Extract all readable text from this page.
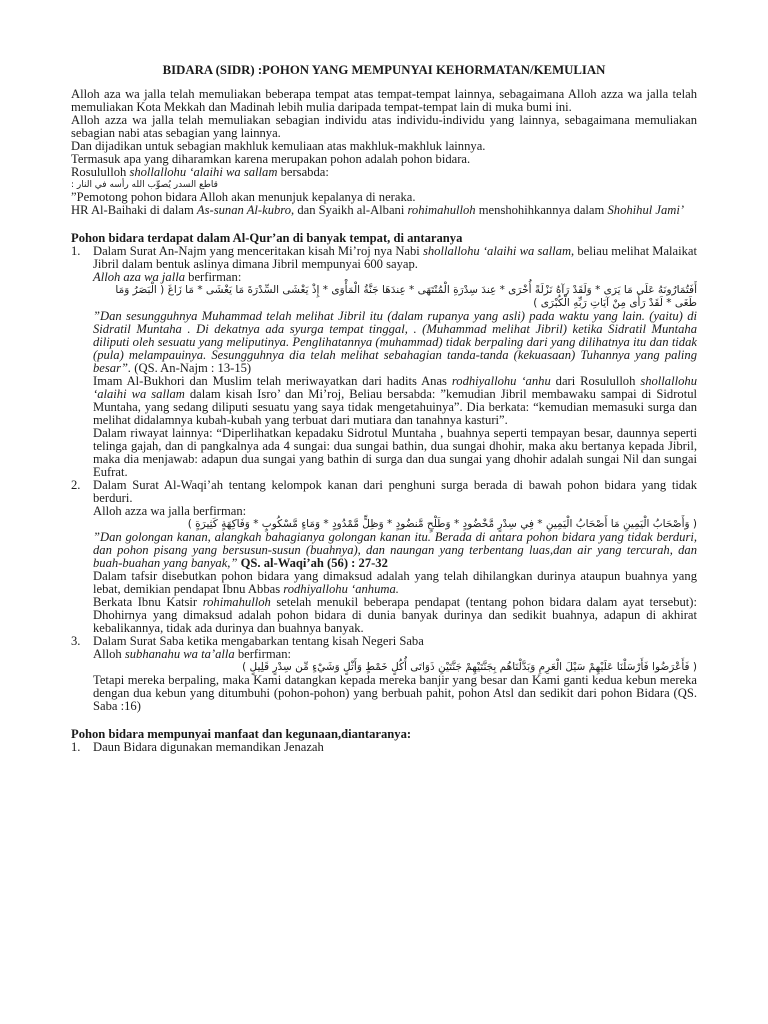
BIDARA (SIDR) :POHON YANG MEMPUNYAI KEHORMATAN/KEMULIAN

Alloh aza wa jalla telah memuliakan beberapa tempat atas tempat-tempat lainnya, sebagaimana Alloh azza wa jalla telah memuliakan Kota Mekkah dan Madinah lebih mulia daripada tempat-tempat lain di muka bumi ini.

Alloh azza wa jalla telah memuliakan sebagian individu atas individu-individu yang lainnya, sebagaimana memuliakan sebagian nabi atas sebagian yang lainnya.

Dan dijadikan untuk sebagian makhluk kemuliaan atas makhluk-makhluk lainnya.

Termasuk apa yang diharamkan karena merupakan pohon adalah pohon bidara.

Rosululloh shollallohu ‘alaihi wa sallam bersabda:

قاطع السدر يُصوِّب الله رأسه في النار :

”Pemotong pohon bidara Alloh akan menunjuk kepalanya di neraka.

HR Al-Baihaki di dalam As-sunan Al-kubro, dan Syaikh al-Albani rohimahulloh menshohihkannya dalam Shohihul Jami’

Pohon bidara terdapat dalam Al-Qur’an di banyak tempat, di antaranya

1. Dalam Surat An-Najm yang menceritakan kisah Mi’roj nya Nabi shollallohu ‘alaihi wa sallam, beliau melihat Malaikat Jibril dalam bentuk aslinya dimana Jibril mempunyai 600 sayap.

Alloh aza wa jalla berfirman:

أَفَتُمَارُونَهُ عَلَى مَا يَرَى * وَلَقَدْ رَآهُ نَزْلَةً أُخْرَى * عِندَ سِدْرَةِ الْمُنْتَهَى * عِندَهَا جَنَّةُ الْمَأْوَى * إِذْ يَغْشَى السِّدْرَةَ مَا يَغْشَى * مَا زَاغَ ( الْبَصَرُ وَمَا طَغَى * لَقَدْ رَأَى مِنْ آيَاتِ رَبِّهِ الْكُبْرَى )

”Dan sesungguhnya Muhammad telah melihat Jibril itu (dalam rupanya yang asli) pada waktu yang lain. (yaitu) di Sidratil Muntaha . Di dekatnya ada syurga tempat tinggal, . (Muhammad melihat Jibril) ketika Sidratil Muntaha diliputi oleh sesuatu yang meliputinya. Penglihatannya (muhammad) tidak berpaling dari yang dilihatnya itu dan tidak (pula) melampauinya. Sesungguhnya dia telah melihat sebahagian tanda-tanda (kekuasaan) Tuhannya yang paling besar”. (QS. An-Najm : 13-15)

Imam Al-Bukhori dan Muslim telah meriwayatkan dari hadits Anas rodhiyallohu ‘anhu dari Rosululloh shollallohu ‘alaihi wa sallam dalam kisah Isro’ dan Mi’roj, Beliau bersabda: ”kemudian Jibril membawaku sampai di Sidrotul Muntaha, yang sedang diliputi sesuatu yang saya tidak mengetahuinya”. Dia berkata: “kemudian memasuki surga dan melihat didalamnya kubah-kubah yang terbuat dari mutiara dan tanahnya kasturi”.

Dalam riwayat lainnya: “Diperlihatkan kepadaku Sidrotul Muntaha , buahnya seperti tempayan besar, daunnya seperti telinga gajah, dan di pangkalnya ada 4 sungai: dua sungai bathin, dua sungai dhohir, maka aku bertanya kepada Jibril, maka dia menjawab: adapun dua sungai yang bathin di surga dan dua sungai yang dhohir adalah sungai Nil dan sungai Eufrat.

2. Dalam Surat Al-Waqi’ah tentang kelompok kanan dari penghuni surga berada di bawah pohon bidara yang tidak berduri.

Alloh azza wa jalla berfirman:

( وَأَصْحَابُ الْيَمِينِ مَا أَصْحَابُ الْيَمِينِ * فِي سِدْرٍ مَّخْضُودٍ * وَطَلْحٍ مَّنضُودٍ * وَظِلٍّ مَّمْدُودٍ * وَمَاءٍ مَّسْكُوبٍ * وَفَاكِهَةٍ كَثِيرَةٍ )

”Dan golongan kanan, alangkah bahagianya golongan kanan itu. Berada di antara pohon bidara yang tidak berduri, dan pohon pisang yang bersusun-susun (buahnya), dan naungan yang terbentang luas,dan air yang tercurah, dan buah-buahan yang banyak,” QS. al-Waqi’ah (56) : 27-32

Dalam tafsir disebutkan pohon bidara yang dimaksud adalah yang telah dihilangkan durinya ataupun buahnya yang lebat, demikian pendapat Ibnu Abbas rodhiyallohu ‘anhuma.

Berkata Ibnu Katsir rohimahulloh setelah menukil beberapa pendapat (tentang pohon bidara dalam ayat tersebut): Dhohirnya yang dimaksud adalah pohon bidara di dunia banyak durinya dan sedikit buahnya, adapun di akhirat kebalikannya, tidak ada durinya dan buahnya banyak.

3. Dalam Surat Saba ketika mengabarkan tentang kisah Negeri Saba

Alloh subhanahu wa ta’alla berfirman:

( فَأَعْرَضُوا فَأَرْسَلْنَا عَلَيْهِمْ سَيْلَ الْعَرِمِ وَبَدَّلْنَاهُم بِجَنَّتَيْهِمْ جَنَّتَيْنِ ذَوَاتَى أُكُلٍ خَمْطٍ وَأَثْلٍ وَشَيْءٍ مِّن سِدْرٍ قَلِيلٍ )

Tetapi mereka berpaling, maka Kami datangkan kepada mereka banjir yang besar dan Kami ganti kedua kebun mereka dengan dua kebun yang ditumbuhi (pohon-pohon) yang berbuah pahit, pohon Atsl dan sedikit dari pohon Bidara (QS. Saba :16)

Pohon bidara mempunyai manfaat dan kegunaan,diantaranya:

1. Daun Bidara digunakan memandikan Jenazah
